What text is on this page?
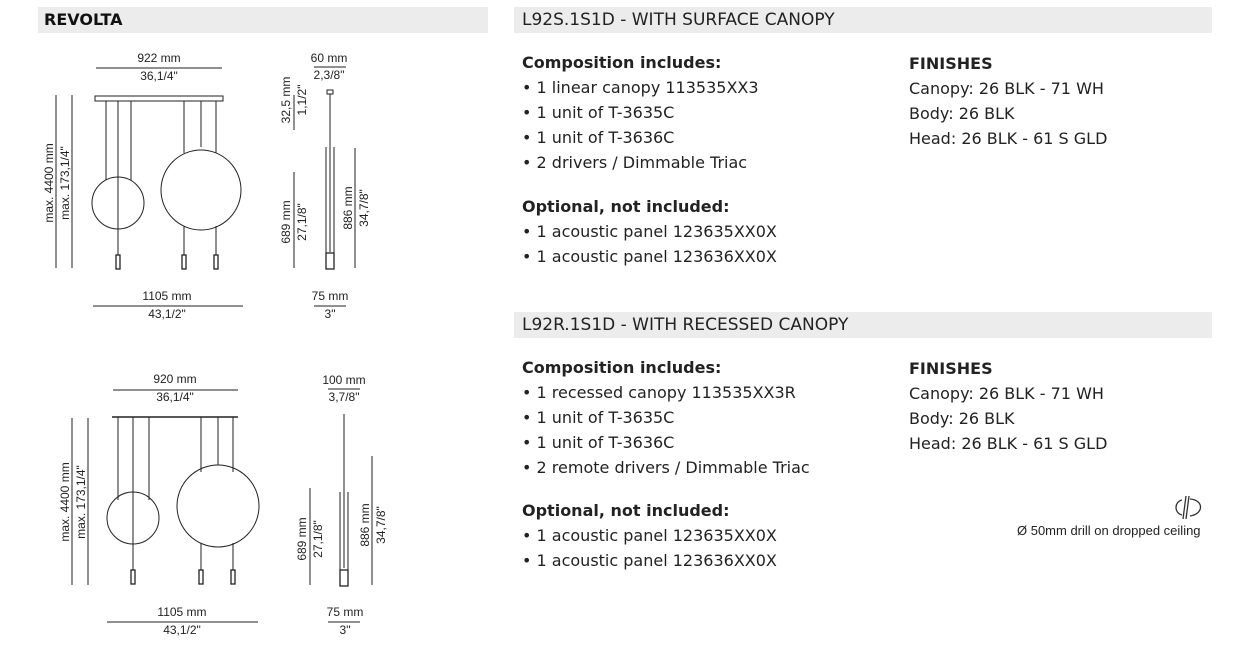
REVOLTA	L92S.1S1D - WITH SURFACE CANOPY
L92R.1S1D - WITH RECESSED CANOPY
Composition includes:
• 1 linear canopy 113535XX3
• 1 unit of T-3635C
• 1 unit of T-3636C
• 2 drivers / Dimmable Triac
Optional, not included:
• 1 acoustic panel 123635XX0X
• 1 acoustic panel 123636XX0X
FINISHES
Canopy: 26 BLK - 71 WH
Body: 26 BLK
Head: 26 BLK - 61 S GLD
Composition includes:
• 1 recessed canopy 113535XX3R
• 1 unit of T-3635C
• 1 unit of T-3636C
• 2 remote drivers / Dimmable Triac
Optional, not included:
• 1 acoustic panel 123635XX0X
• 1 acoustic panel 123636XX0X
FINISHES
Canopy: 26 BLK - 71 WH
Body: 26 BLK
Head: 26 BLK - 61 S GLD
Ø 50mm drill on dropped ceiling
922 mm
36,1/4"
1105 mm
43,1/2"
max. 4400 mm max. 173,1/4"
60 mm
2,3/8"
32,5 mm 1,1/2"
689 mm 27,1/8"	886 mm 34,7/8"
75 mm
3"
920 mm
36,1/4"
1105 mm
43,1/2"
max. 4400 mm max. 173,1/4"
100 mm
3,7/8"
689 mm 27,1/8"	886 mm 34,7/8"
75 mm
3"
